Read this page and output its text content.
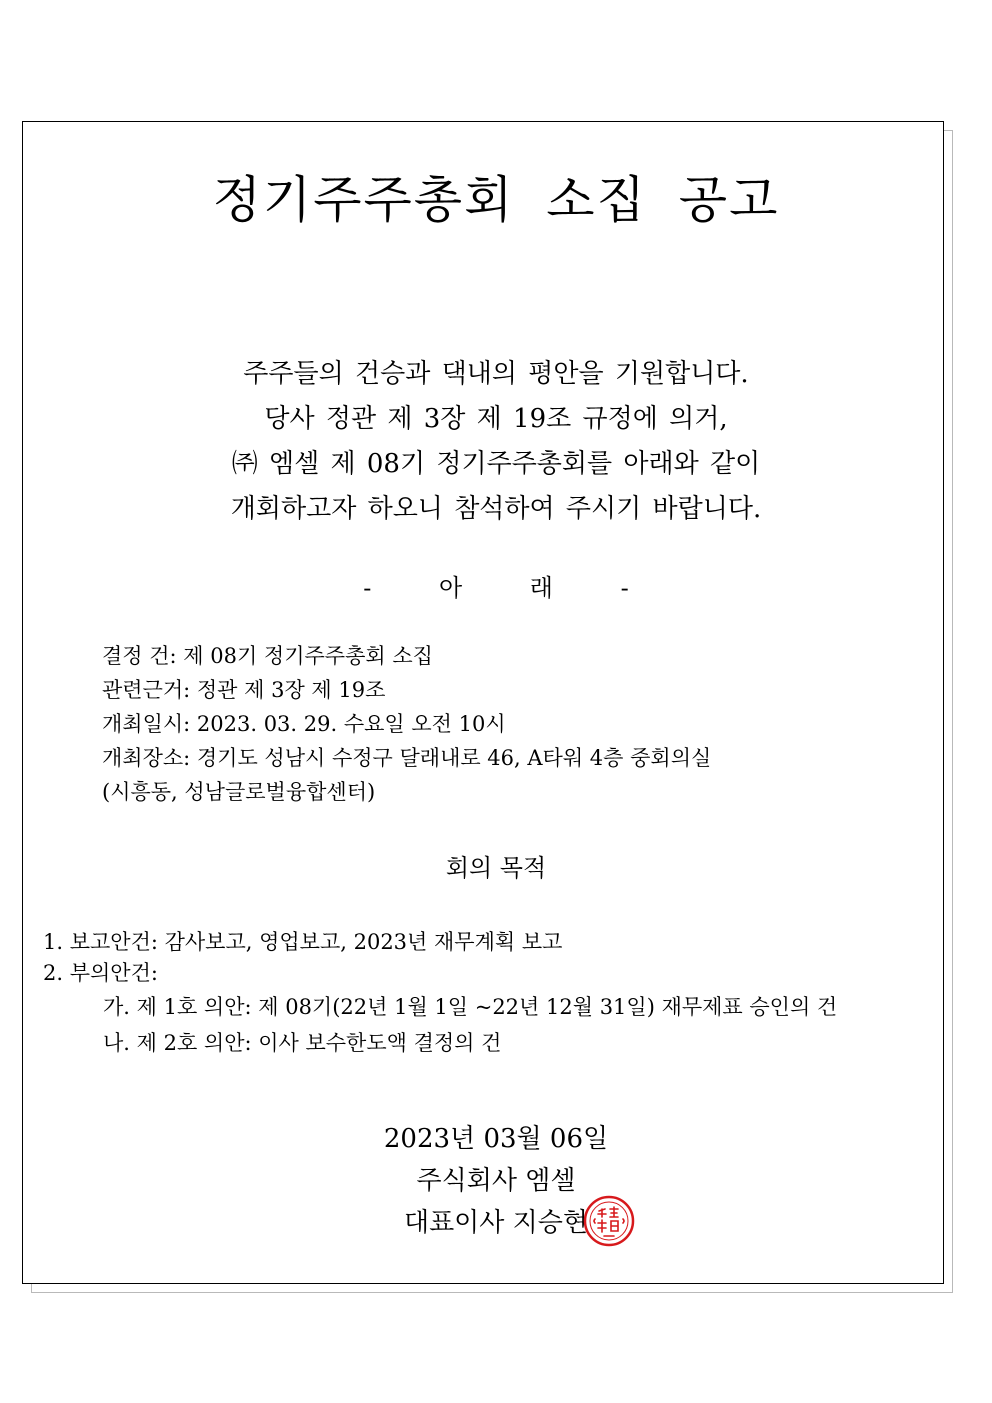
정기주주총회 소집 공고
주주들의 건승과 댁내의 평안을 기원합니다.
당사 정관 제 3장 제 19조 규정에 의거,
㈜ 엠셀 제 08기 정기주주총회를 아래와 같이
개회하고자 하오니 참석하여 주시기 바랍니다.
- 아 래 -
결정 건: 제 08기 정기주주총회 소집
관련근거: 정관 제 3장 제 19조
개최일시: 2023. 03. 29. 수요일 오전 10시
개최장소: 경기도 성남시 수정구 달래내로 46, A타워 4층 중회의실
(시흥동, 성남글로벌융합센터)
회의 목적
1. 보고안건: 감사보고, 영업보고, 2023년 재무계획 보고
2. 부의안건:
가. 제 1호 의안: 제 08기(22년 1월 1일 ~22년 12월 31일) 재무제표 승인의 건
나. 제 2호 의안: 이사 보수한도액 결정의 건
2023년 03월 06일
주식회사 엠셀
대표이사 지승현
